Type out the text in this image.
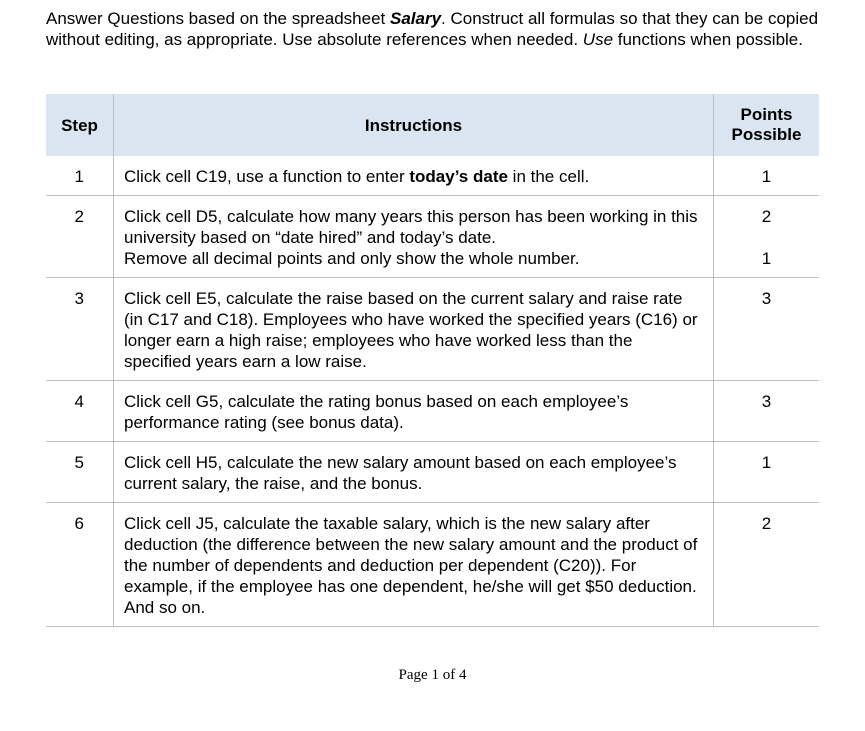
Answer Questions based on the spreadsheet Salary. Construct all formulas so that they can be copied without editing, as appropriate. Use absolute references when needed. Use functions when possible.

Step	Instructions	Points Possible
1	Click cell C19, use a function to enter today’s date in the cell.	1

2	Click cell D5, calculate how many years this person has been working in this university based on “date hired” and today’s date.
Remove all decimal points and only show the whole number.	2
1

3	Click cell E5, calculate the raise based on the current salary and raise rate (in C17 and C18). Employees who have worked the specified years (C16) or longer earn a high raise; employees who have worked less than the specified years earn a low raise.	3

4	Click cell G5, calculate the rating bonus based on each employee’s performance rating (see bonus data).	3

5	Click cell H5, calculate the new salary amount based on each employee’s current salary, the raise, and the bonus.	1

6	Click cell J5, calculate the taxable salary, which is the new salary after deduction (the difference between the new salary amount and the product of the number of dependents and deduction per dependent (C20)). For example, if the employee has one dependent, he/she will get $50 deduction. And so on.	2
Page 1 of 4
